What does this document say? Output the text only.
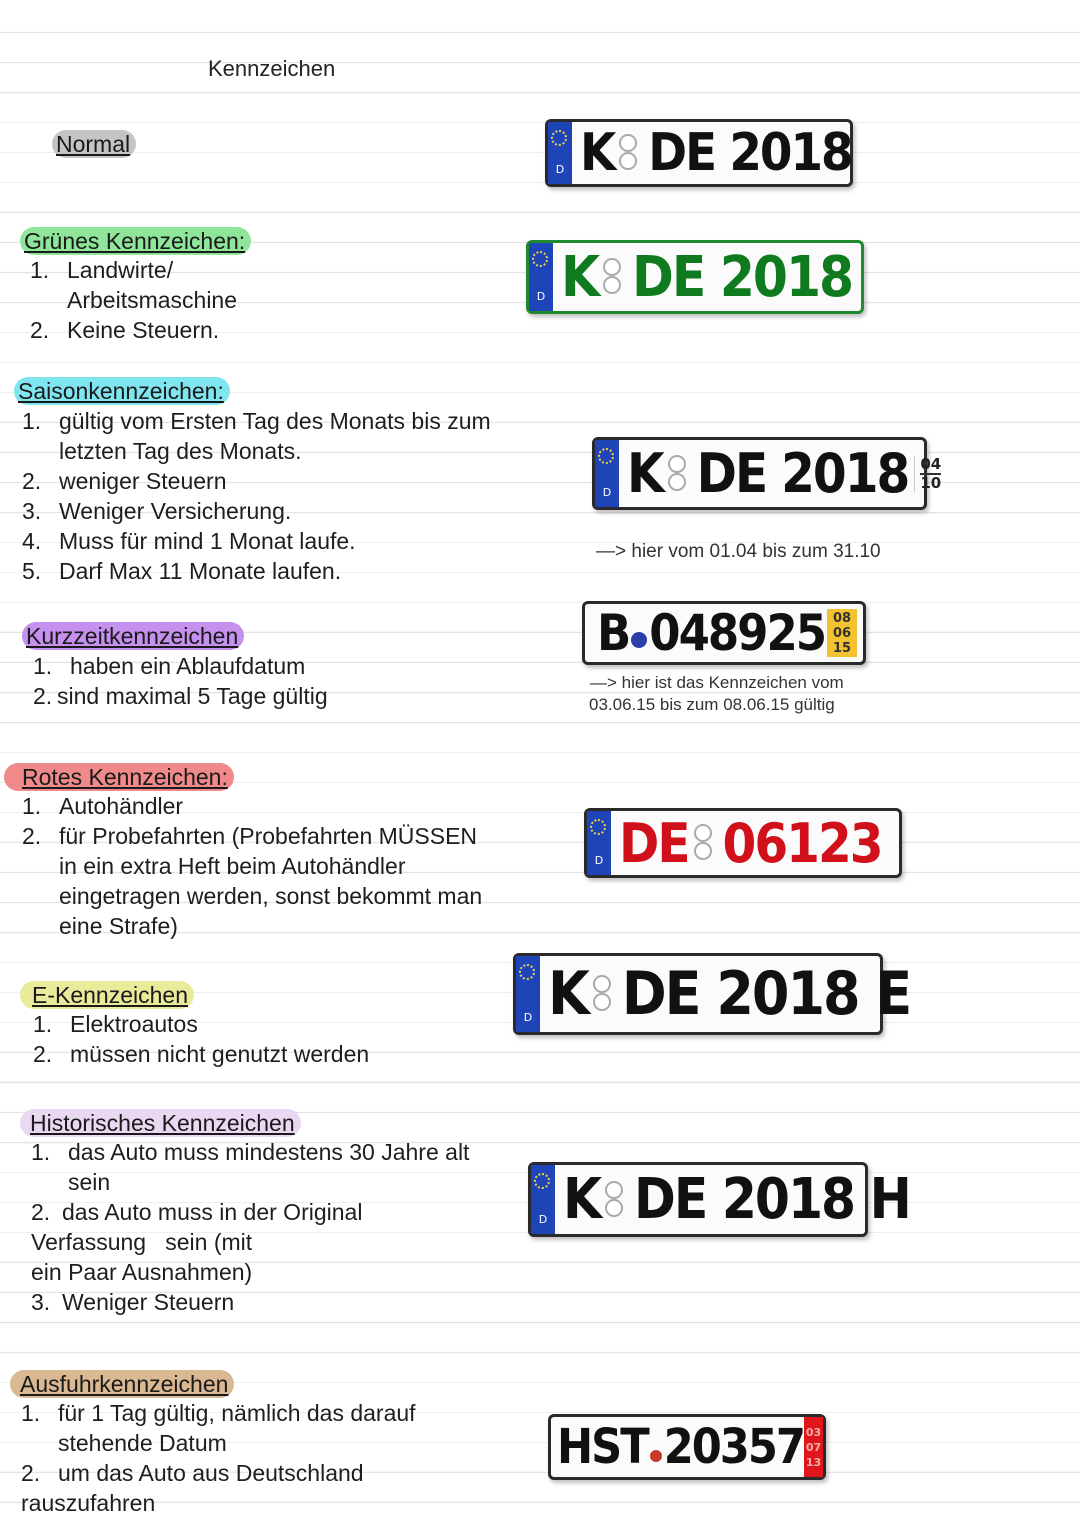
Kennzeichen
Normal
D K DE 2018
Grünes Kennzeichen:
1. Landwirte/
Arbeitsmaschine
2. Keine Steuern.
D K DE 2018
Saisonkennzeichen:
1. gültig vom Ersten Tag des Monats bis zum
letzten Tag des Monats.
2. weniger Steuern
3. Weniger Versicherung.
4. Muss für mind 1 Monat laufe.
5. Darf Max 11 Monate laufen.
D K DE 2018 04
10
—> hier vom 01.04 bis zum 31.10
Kurzzeitkennzeichen
1. haben ein Ablaufdatum
2. sind maximal 5 Tage gültig
B 048925 08
06
15
—> hier ist das Kennzeichen vom
03.06.15 bis zum 08.06.15 gültig
Rotes Kennzeichen:
1. Autohändler
2. für Probefahrten (Probefahrten MÜSSEN
in ein extra Heft beim Autohändler
eingetragen werden, sonst bekommt man
eine Strafe)
D DE 06123
E-Kennzeichen
1. Elektroautos
2. müssen nicht genutzt werden
D K DE 2018 E
Historisches Kennzeichen
1. das Auto muss mindestens 30 Jahre alt
sein
2. das Auto muss in der Original
Verfassung   sein (mit
ein Paar Ausnahmen)
3. Weniger Steuern
D K DE 2018 H
Ausfuhrkennzeichen
1. für 1 Tag gültig, nämlich das darauf
stehende Datum
2. um das Auto aus Deutschland
rauszufahren
HST 20357 03
07
13
